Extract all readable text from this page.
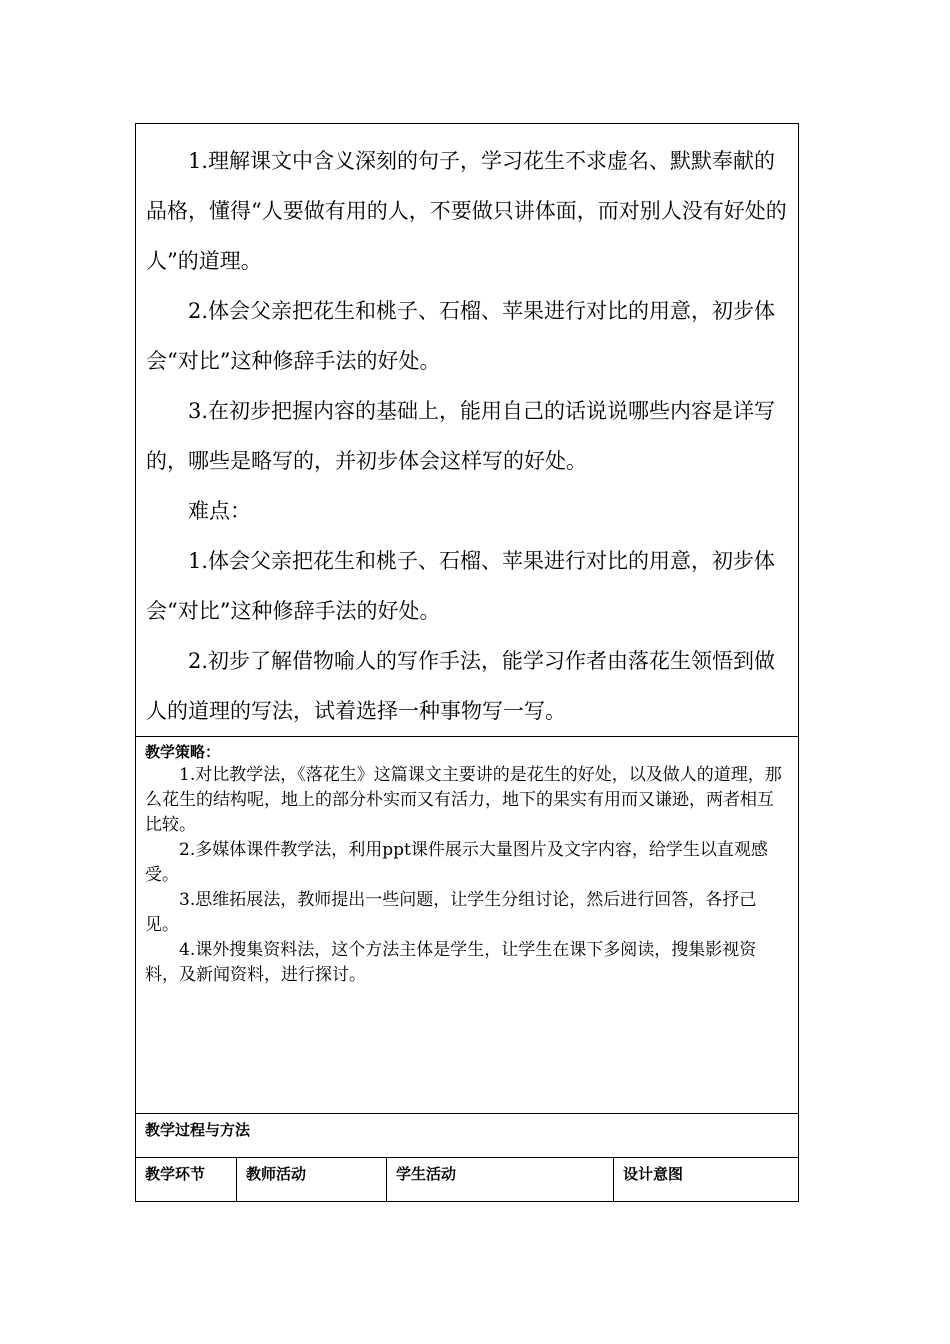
1.理解课文中含义深刻的句子，学习花生不求虚名、默默奉献的品格，懂得“人要做有用的人，不要做只讲体面，而对别人没有好处的人”的道理。

2.体会父亲把花生和桃子、石榴、苹果进行对比的用意，初步体会“对比”这种修辞手法的好处。

3.在初步把握内容的基础上，能用自己的话说说哪些内容是详写的，哪些是略写的，并初步体会这样写的好处。

难点：

1.体会父亲把花生和桃子、石榴、苹果进行对比的用意，初步体会“对比”这种修辞手法的好处。

2.初步了解借物喻人的写作手法，能学习作者由落花生领悟到做人的道理的写法，试着选择一种事物写一写。

教学策略：

1.对比教学法，《落花生》这篇课文主要讲的是花生的好处，以及做人的道理，那么花生的结构呢，地上的部分朴实而又有活力，地下的果实有用而又谦逊，两者相互比较。

2.多媒体课件教学法，利用ppt课件展示大量图片及文字内容，给学生以直观感受。

3.思维拓展法，教师提出一些问题，让学生分组讨论，然后进行回答，各抒己见。

4.课外搜集资料法，这个方法主体是学生，让学生在课下多阅读，搜集影视资料，及新闻资料，进行探讨。

教学过程与方法

教学环节	教师活动	学生活动	设计意图
